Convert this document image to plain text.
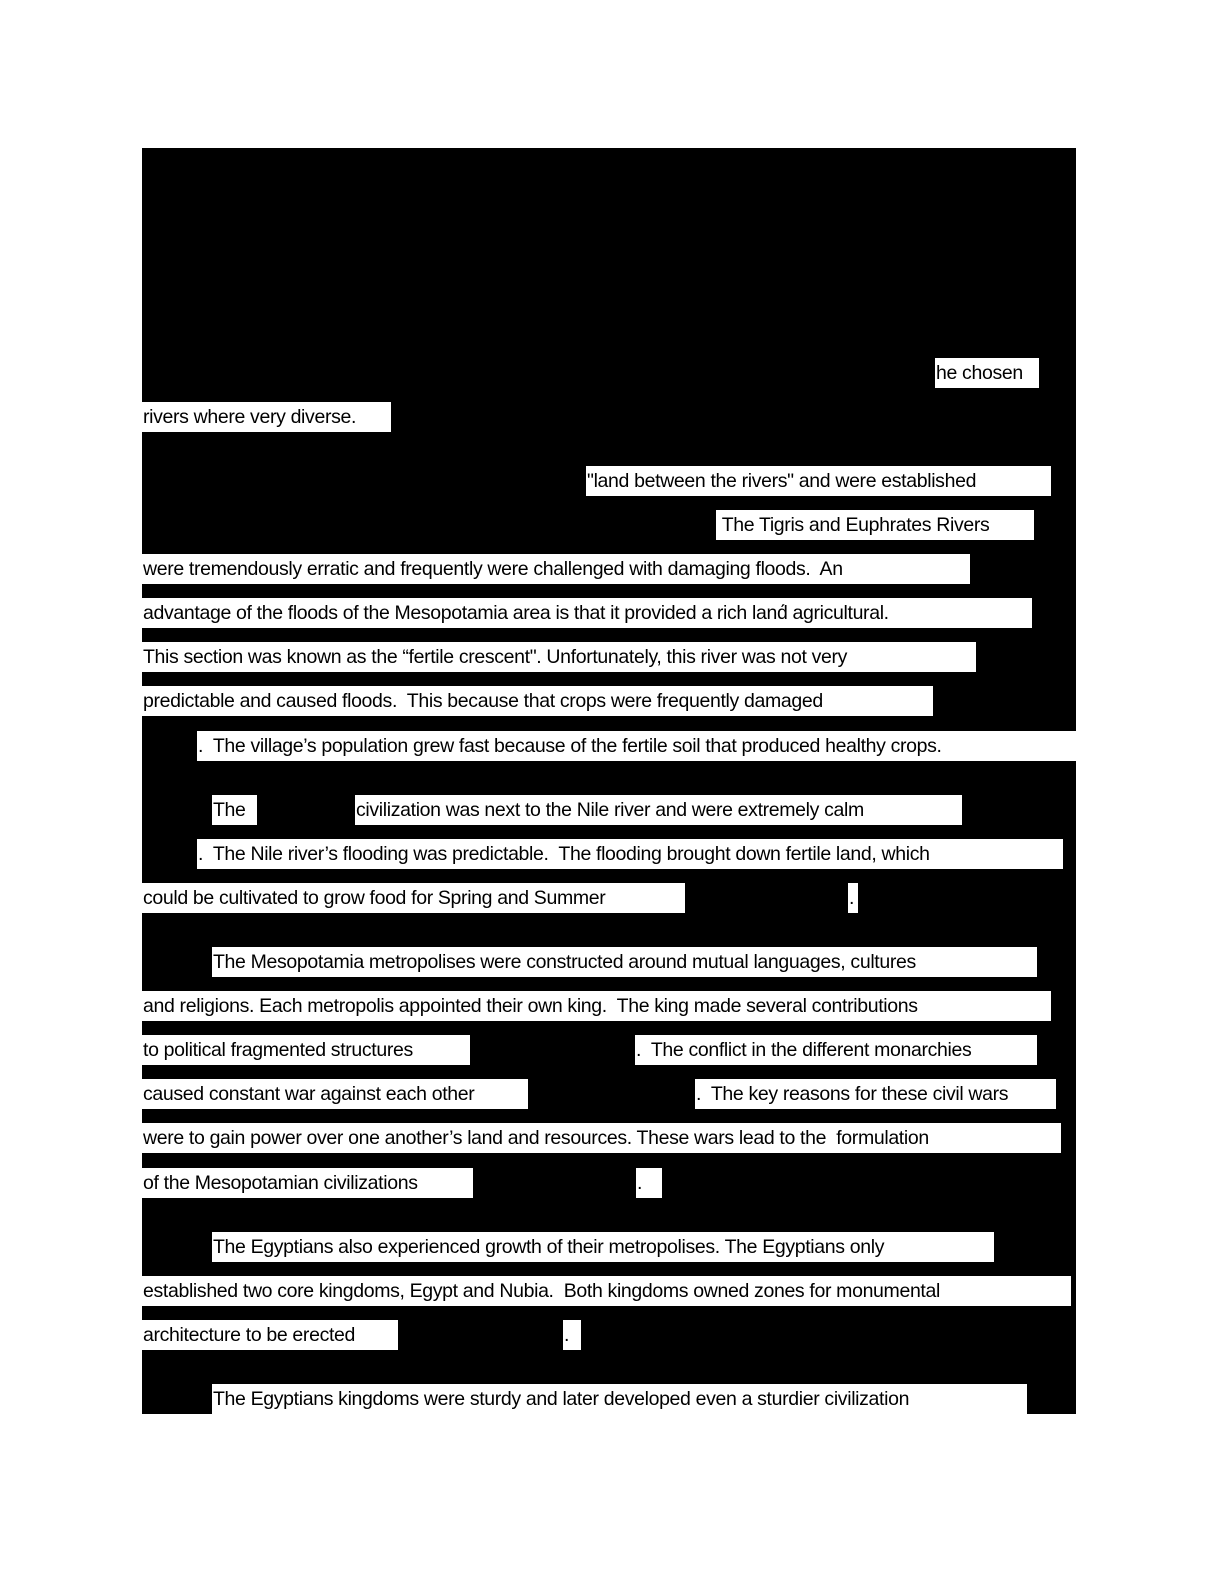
he chosen
rivers where very diverse.
"land between the rivers" and were established
The Tigris and Euphrates Rivers
were tremendously erratic and frequently were challenged with damaging floods.  An
advantage of the floods of the Mesopotamia area is that it provided a rich land́ agricultural.
This section was known as the “fertile crescent". Unfortunately, this river was not very
predictable and caused floods.  This because that crops were frequently damaged
.  The village’s population grew fast because of the fertile soil that produced healthy crops.
The	civilization was next to the Nile river and were extremely calm
.  The Nile river’s flooding was predictable.  The flooding brought down fertile land, which
could be cultivated to grow food for Spring and Summer	.
The Mesopotamia metropolises were constructed around mutual languages, cultures
and religions. Each metropolis appointed their own king.  The king made several contributions
to political fragmented structures	.  The conflict in the different monarchies
caused constant war against each other	.  The key reasons for these civil wars
were to gain power over one another’s land and resources. These wars lead to the  formulation
of the Mesopotamian civilizations	.
The Egyptians also experienced growth of their metropolises. The Egyptians only
established two core kingdoms, Egypt and Nubia.  Both kingdoms owned zones for monumental
architecture to be erected	.
The Egyptians kingdoms were sturdy and later developed even a sturdier civilization
